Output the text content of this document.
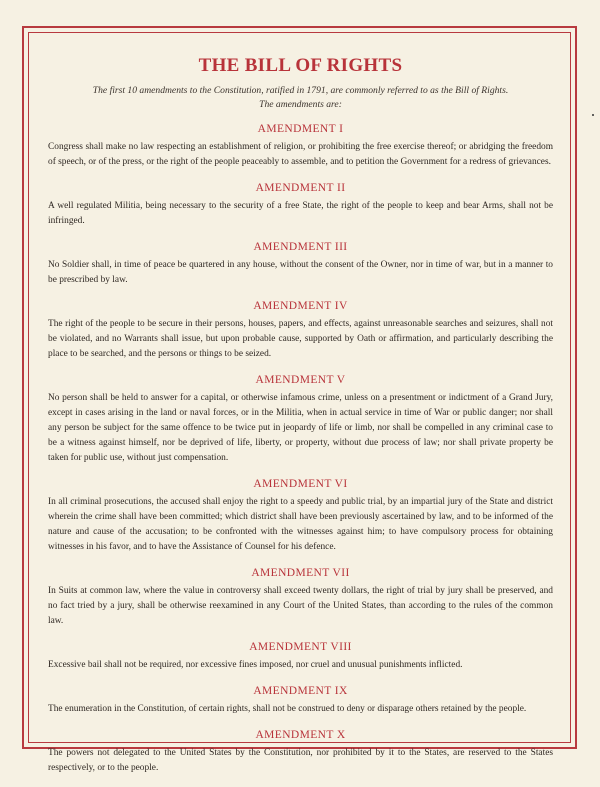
THE BILL OF RIGHTS
The first 10 amendments to the Constitution, ratified in 1791, are commonly referred to as the Bill of Rights.
The amendments are:
AMENDMENT I

Congress shall make no law respecting an establishment of religion, or prohibiting the free exercise thereof; or abridging the freedom of speech, or of the press, or the right of the people peaceably to assemble, and to petition the Government for a redress of grievances.

AMENDMENT II

A well regulated Militia, being necessary to the security of a free State, the right of the people to keep and bear Arms, shall not be infringed.

AMENDMENT III

No Soldier shall, in time of peace be quartered in any house, without the consent of the Owner, nor in time of war, but in a manner to be prescribed by law.

AMENDMENT IV

The right of the people to be secure in their persons, houses, papers, and effects, against unreasonable searches and seizures, shall not be violated, and no Warrants shall issue, but upon probable cause, supported by Oath or affirmation, and particularly describing the place to be searched, and the persons or things to be seized.

AMENDMENT V

No person shall be held to answer for a capital, or otherwise infamous crime, unless on a presentment or indictment of a Grand Jury, except in cases arising in the land or naval forces, or in the Militia, when in actual service in time of War or public danger; nor shall any person be subject for the same offence to be twice put in jeopardy of life or limb, nor shall be compelled in any criminal case to be a witness against himself, nor be deprived of life, liberty, or property, without due process of law; nor shall private property be taken for public use, without just compensation.

AMENDMENT VI

In all criminal prosecutions, the accused shall enjoy the right to a speedy and public trial, by an impartial jury of the State and district wherein the crime shall have been committed; which district shall have been previously ascertained by law, and to be informed of the nature and cause of the accusation; to be confronted with the witnesses against him; to have compulsory process for obtaining witnesses in his favor, and to have the Assistance of Counsel for his defence.

AMENDMENT VII

In Suits at common law, where the value in controversy shall exceed twenty dollars, the right of trial by jury shall be preserved, and no fact tried by a jury, shall be otherwise reexamined in any Court of the United States, than according to the rules of the common law.

AMENDMENT VIII

Excessive bail shall not be required, nor excessive fines imposed, nor cruel and unusual punishments inflicted.

AMENDMENT IX

The enumeration in the Constitution, of certain rights, shall not be construed to deny or disparage others retained by the people.

AMENDMENT X

The powers not delegated to the United States by the Constitution, nor prohibited by it to the States, are reserved to the States respectively, or to the people.
